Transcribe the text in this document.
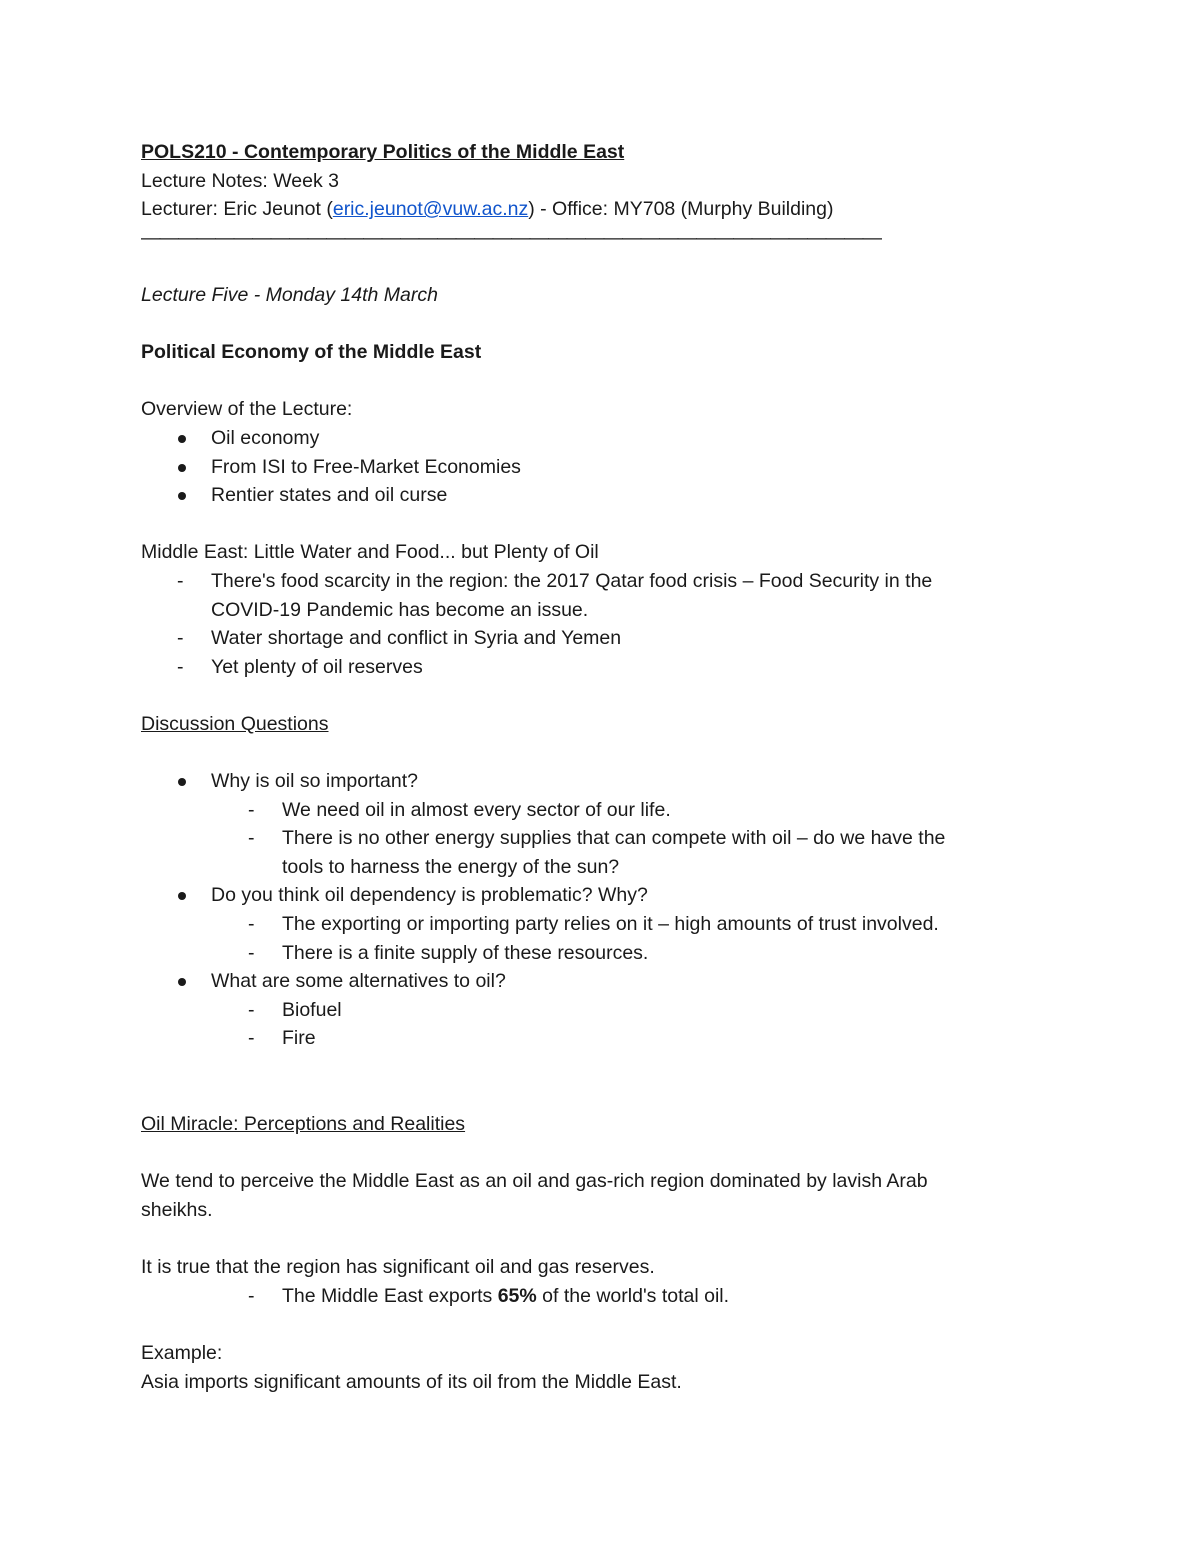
POLS210 - Contemporary Politics of the Middle East
Lecture Notes: Week 3
Lecturer: Eric Jeunot (eric.jeunot@vuw.ac.nz) - Office: MY708 (Murphy Building)
————————————————————————————————————————
Lecture Five - Monday 14th March
Political Economy of the Middle East
Overview of the Lecture:
Oil economy
From ISI to Free-Market Economies
Rentier states and oil curse
Middle East: Little Water and Food... but Plenty of Oil
- There's food scarcity in the region: the 2017 Qatar food crisis – Food Security in the
COVID-19 Pandemic has become an issue.
- Water shortage and conflict in Syria and Yemen
- Yet plenty of oil reserves
Discussion Questions
Why is oil so important?
- We need oil in almost every sector of our life.
- There is no other energy supplies that can compete with oil – do we have the
tools to harness the energy of the sun?
Do you think oil dependency is problematic? Why?
- The exporting or importing party relies on it – high amounts of trust involved.
- There is a finite supply of these resources.
What are some alternatives to oil?
- Biofuel
- Fire
Oil Miracle: Perceptions and Realities
We tend to perceive the Middle East as an oil and gas-rich region dominated by lavish Arab
sheikhs.
It is true that the region has significant oil and gas reserves.
- The Middle East exports 65% of the world's total oil.
Example:
Asia imports significant amounts of its oil from the Middle East.
